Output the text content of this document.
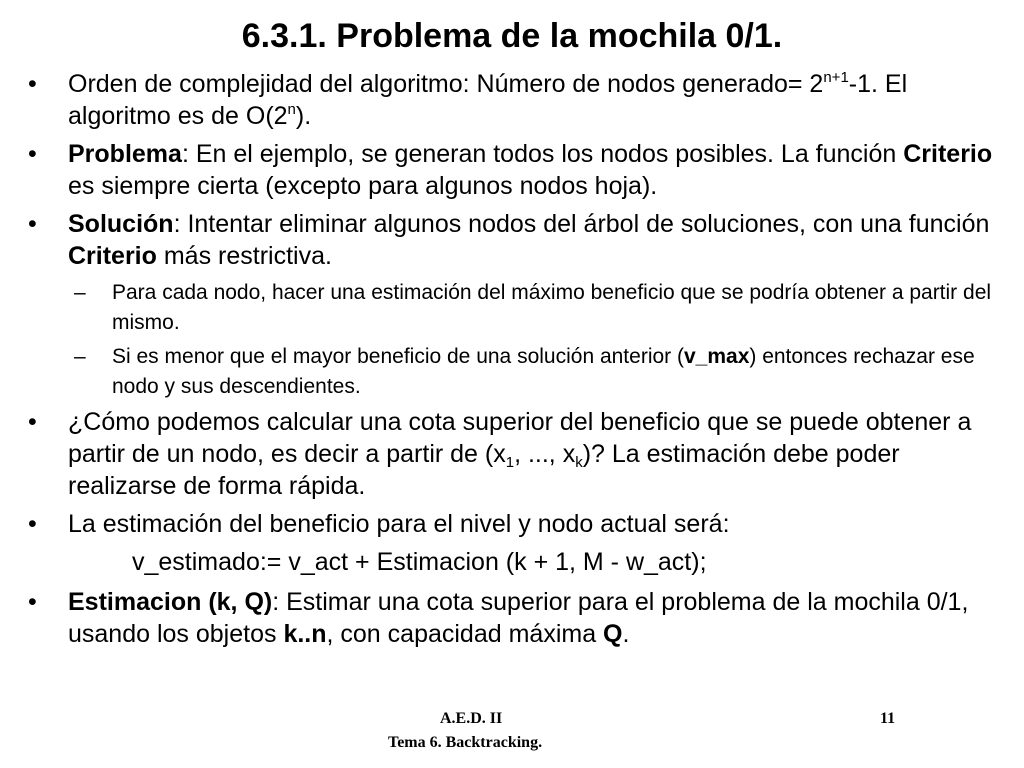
6.3.1. Problema de la mochila 0/1.
•	Orden de complejidad del algoritmo: Número de nodos generado= $2^{n+1}-1$. El algoritmo es de O(2$^n$).
•	Problema: En el ejemplo, se generan todos los nodos posibles. La función Criterio es siempre cierta (excepto para algunos nodos hoja).
•	Solución: Intentar eliminar algunos nodos del árbol de soluciones, con una función Criterio más restrictiva.
– Para cada nodo, hacer una estimación del máximo beneficio que se podría obtener a partir del mismo.
– Si es menor que el mayor beneficio de una solución anterior (v_max) entonces rechazar ese nodo y sus descendientes.
•	¿Cómo podemos calcular una cota superior del beneficio que se puede obtener a partir de un nodo, es decir a partir de ($x_1$, ..., $x_k$)? La estimación debe poder realizarse de forma rápida.
•	La estimación del beneficio para el nivel y nodo actual será:
v_estimado:= v_act + Estimacion (k + 1, M - w_act);
•	Estimacion (k, Q): Estimar una cota superior para el problema de la mochila 0/1, usando los objetos k..n, con capacidad máxima Q.
A.E.D. II
Tema 6. Backtracking.
11
